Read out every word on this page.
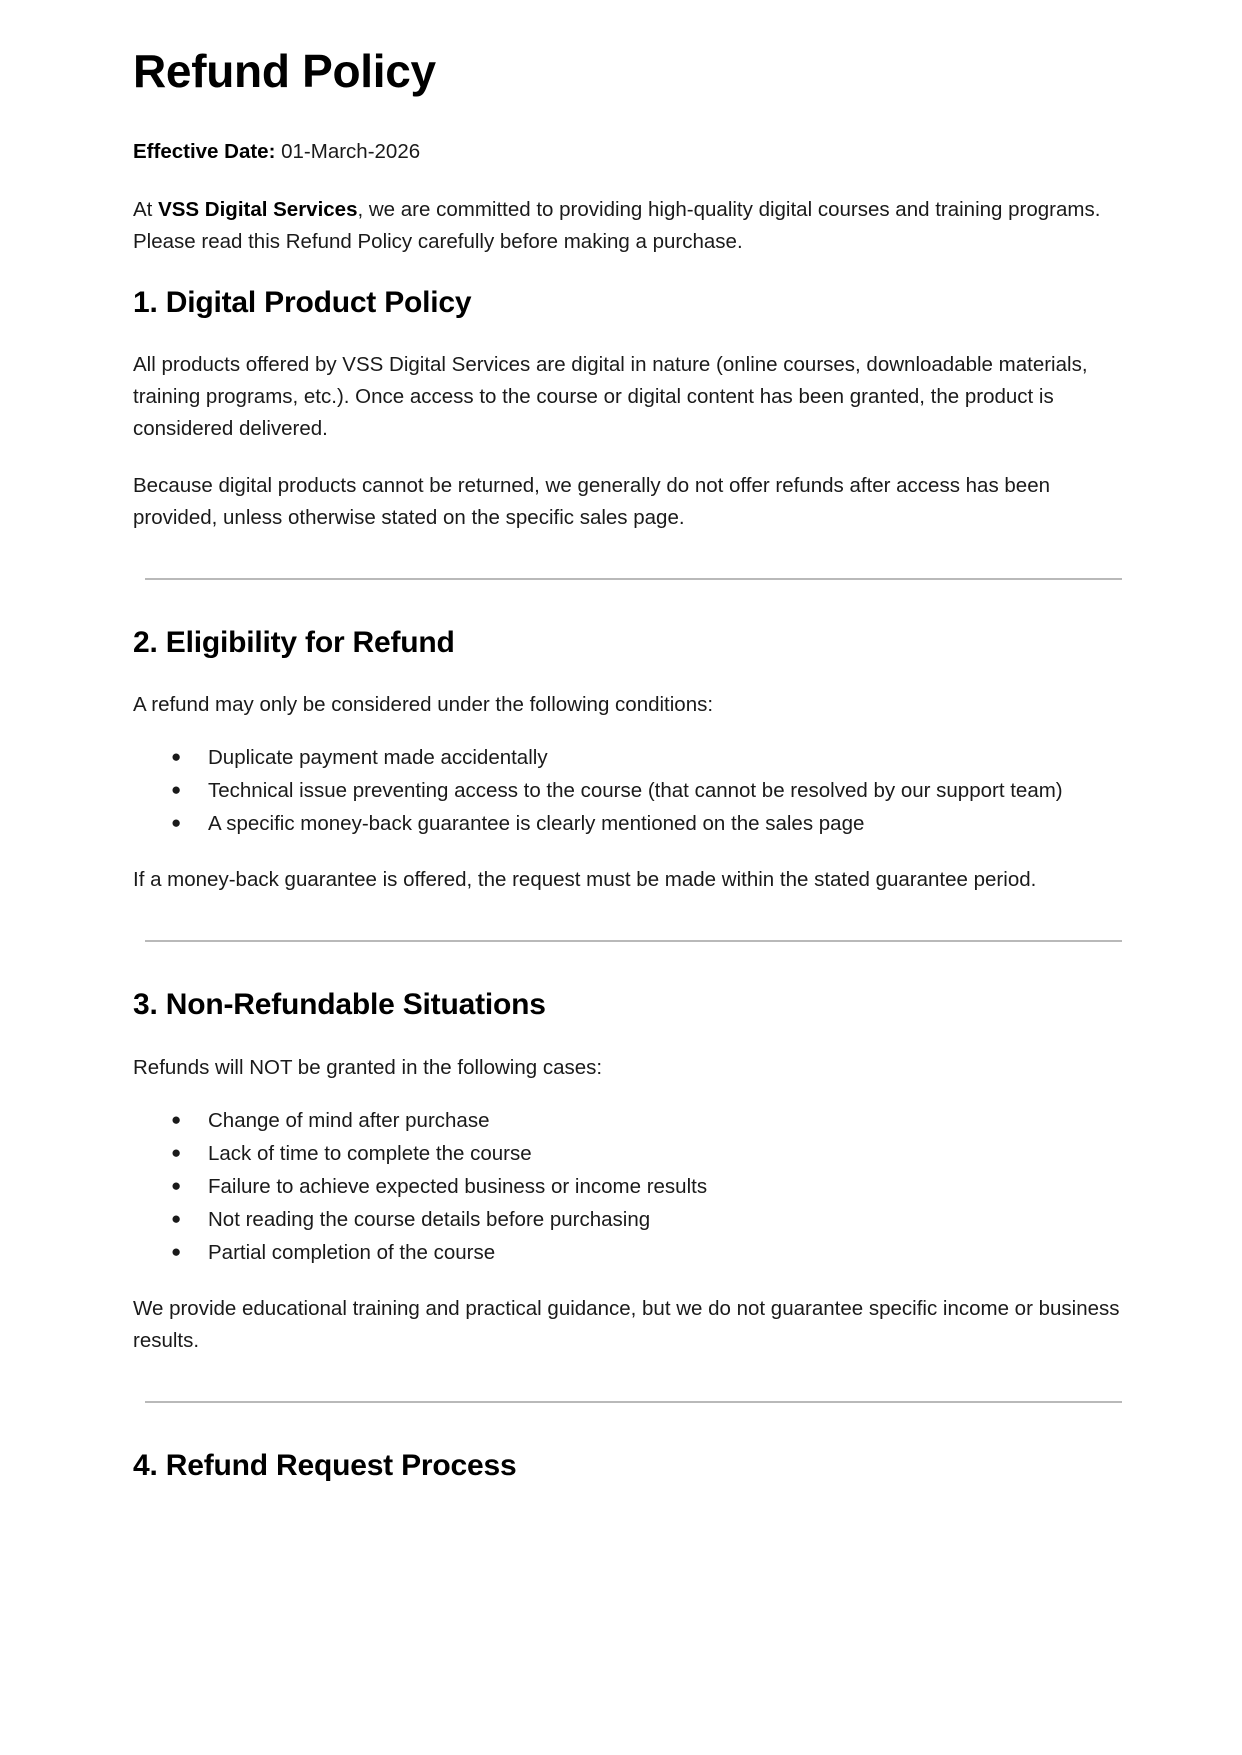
Refund Policy

Effective Date: 01-March-2026

At VSS Digital Services, we are committed to providing high-quality digital courses and training programs. Please read this Refund Policy carefully before making a purchase.

1. Digital Product Policy

All products offered by VSS Digital Services are digital in nature (online courses, downloadable materials, training programs, etc.). Once access to the course or digital content has been granted, the product is considered delivered.

Because digital products cannot be returned, we generally do not offer refunds after access has been provided, unless otherwise stated on the specific sales page.

2. Eligibility for Refund

A refund may only be considered under the following conditions:

● Duplicate payment made accidentally
● Technical issue preventing access to the course (that cannot be resolved by our support team)
● A specific money-back guarantee is clearly mentioned on the sales page

If a money-back guarantee is offered, the request must be made within the stated guarantee period.

3. Non-Refundable Situations

Refunds will NOT be granted in the following cases:

● Change of mind after purchase
● Lack of time to complete the course
● Failure to achieve expected business or income results
● Not reading the course details before purchasing
● Partial completion of the course

We provide educational training and practical guidance, but we do not guarantee specific income or business results.

4. Refund Request Process
